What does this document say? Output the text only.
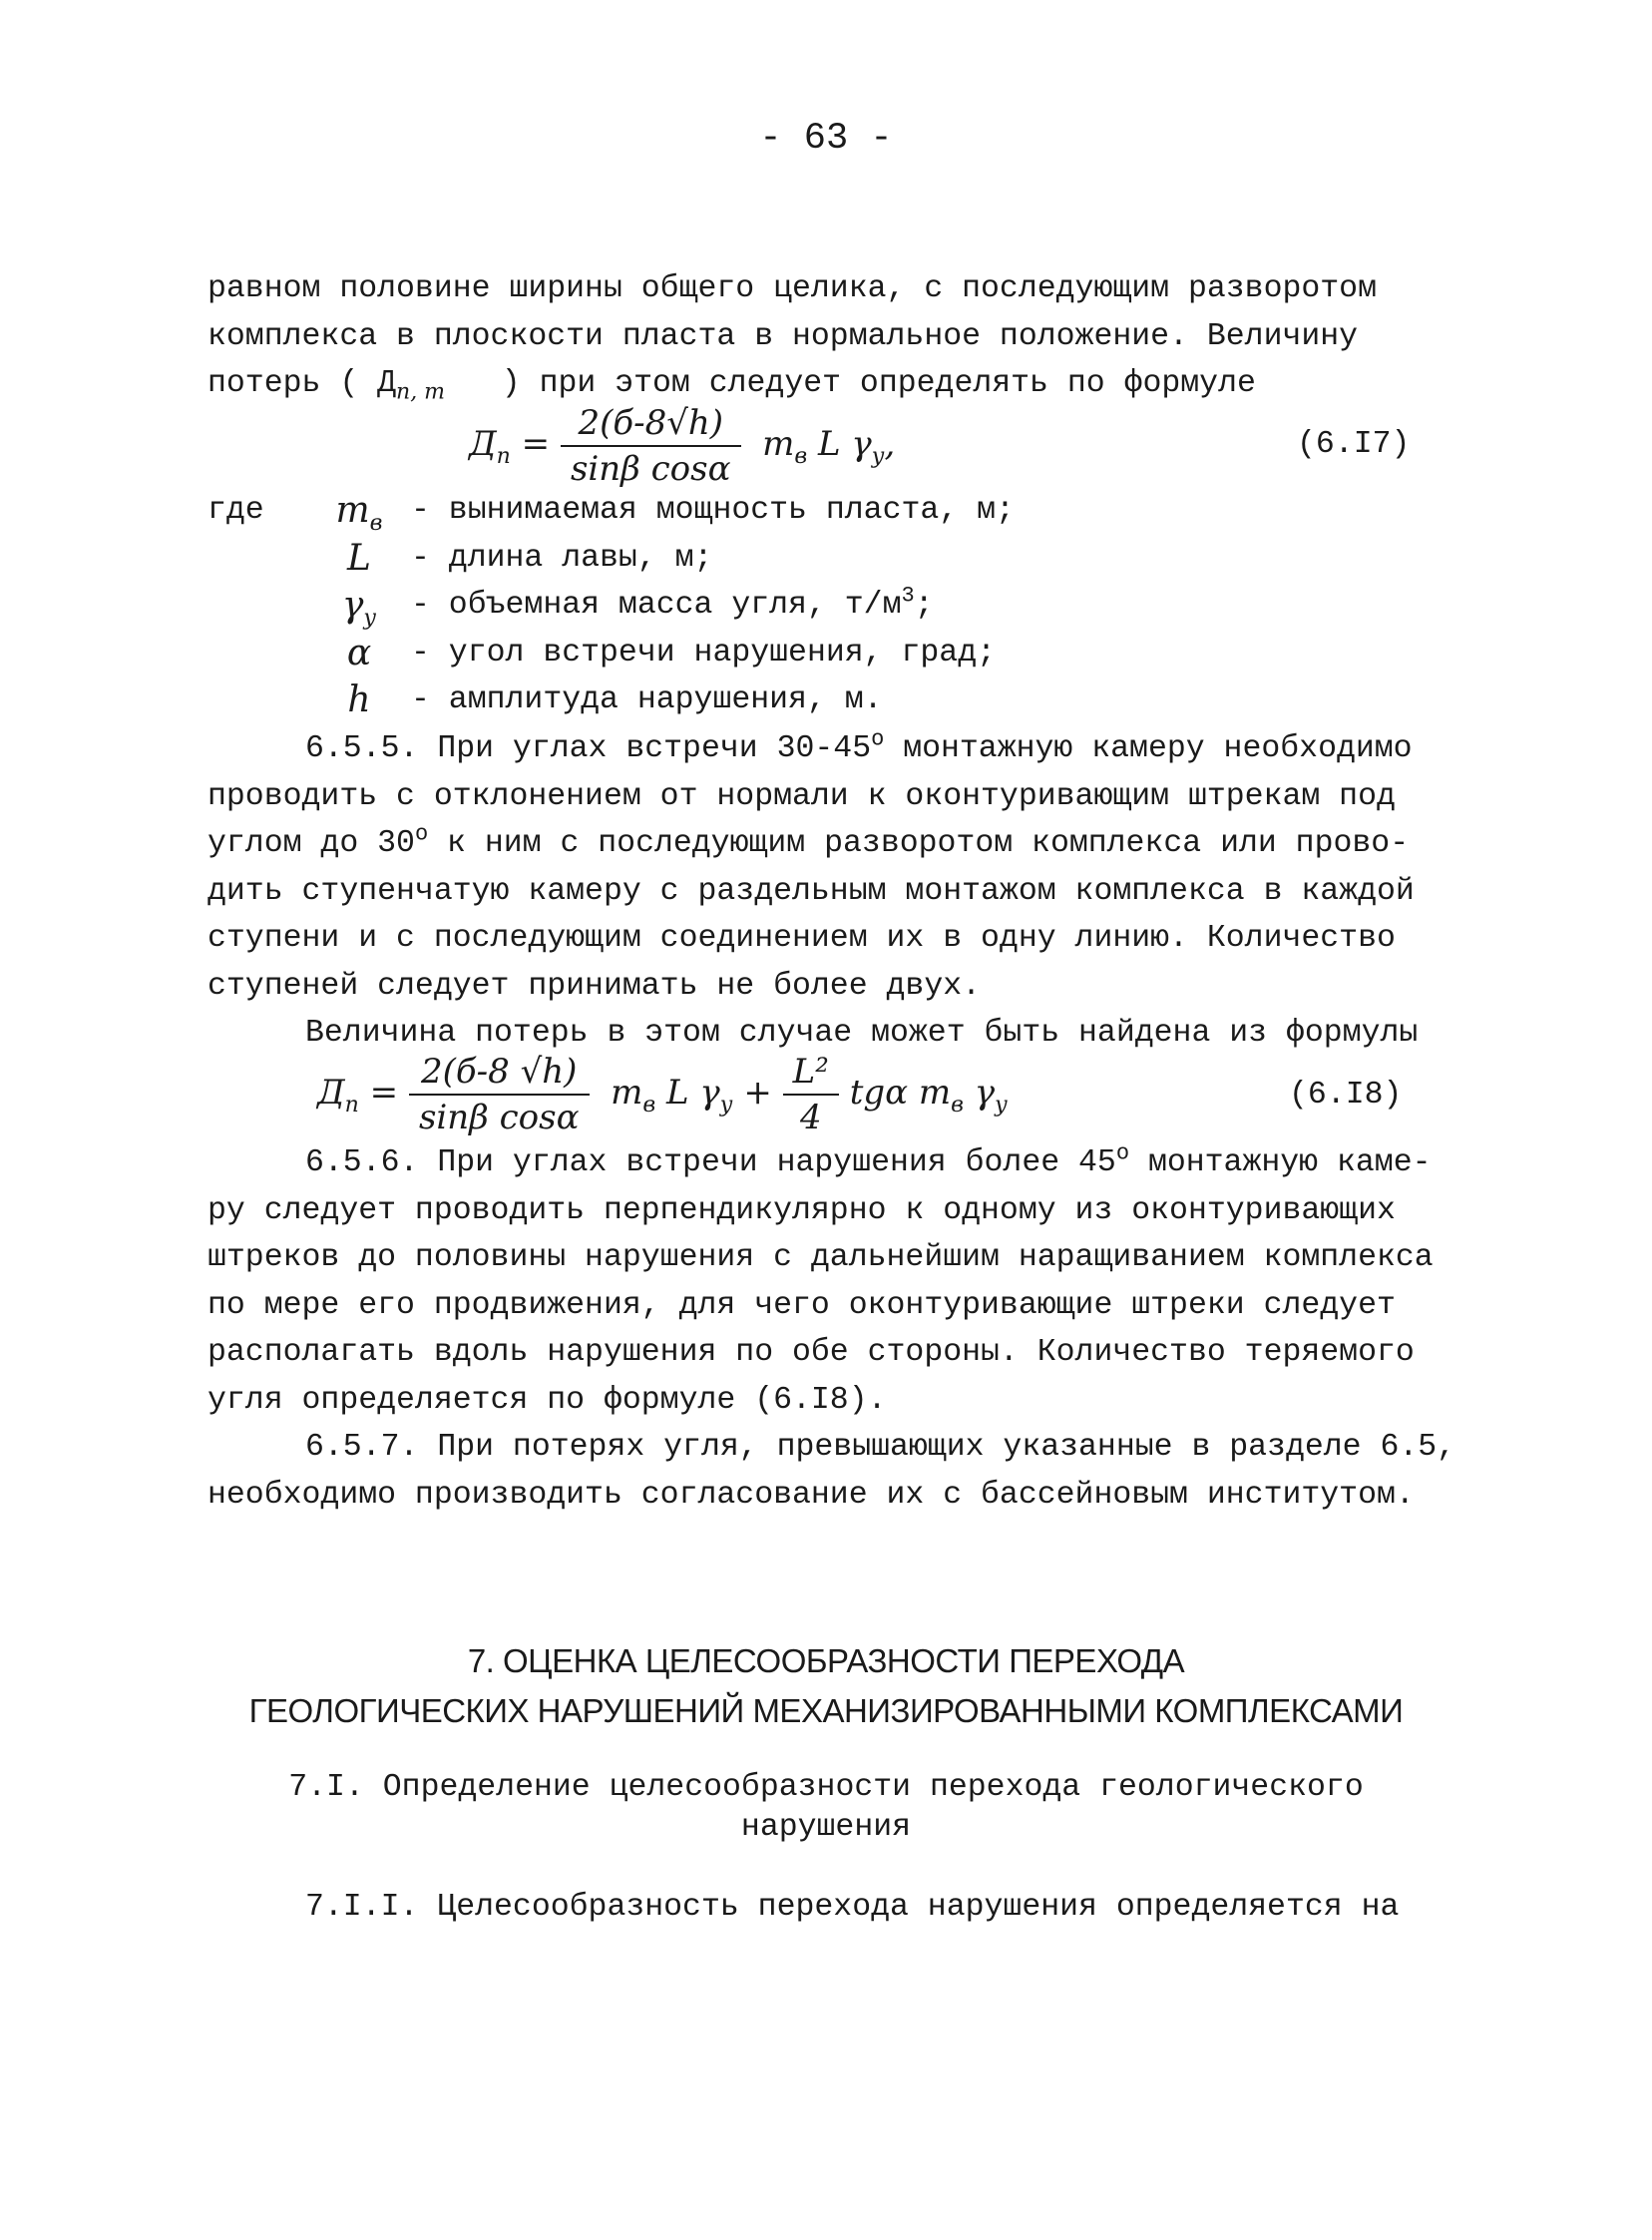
- 63 -
равном половине ширины общего целика, с последующим разворотом
комплекса в плоскости пласта в нормальное положение. Величину
потерь ( $Д_{п, т}$   ) при этом следует определять по формуле
$Д_п = \frac{2(б-8√h)}{\text{sinβ cosα}} m_в$ L $\gamma_у$,	(6.I7)
где	$m_в$ - вынимаемая мощность пласта, м;
L	- длина лавы, м;
$\gamma_у$	- объемная масса угля, $т/м^3$;
α	- угол встречи нарушения, град;
h	- амплитуда нарушения, м.
6.5.5. При углах встречи $30-45^о$ монтажную камеру необходимо
проводить с отклонением от нормали к оконтуривающим штрекам под
углом до $30^о$ к ним с последующим разворотом комплекса или прово-
дить ступенчатую камеру с раздельным монтажом комплекса в каждой
ступени и с последующим соединением их в одну линию. Количество
ступеней следует принимать не более двух.
Величина потерь в этом случае может быть найдена из формулы
$Д_п = \frac{2(б-8 √h)}{\text{sinβ cosα}} m_в$ L $\gamma_у + \frac{\text{L²}}{4}$ tgα $m_в$ $\gamma_у$	(6.I8)
6.5.6. При углах встречи нарушения более $45^о$ монтажную каме-
ру следует проводить перпендикулярно к одному из оконтуривающих
штреков до половины нарушения с дальнейшим наращиванием комплекса
по мере его продвижения, для чего оконтуривающие штреки следует
располагать вдоль нарушения по обе стороны. Количество теряемого
угля определяется по формуле (6.I8).
6.5.7. При потерях угля, превышающих указанные в разделе 6.5,
необходимо производить согласование их с бассейновым институтом.
7. ОЦЕНКА ЦЕЛЕСООБРАЗНОСТИ ПЕРЕХОДА
ГЕОЛОГИЧЕСКИХ НАРУШЕНИЙ МЕХАНИЗИРОВАННЫМИ КОМПЛЕКСАМИ
7.I. Определение целесообразности перехода геологического
нарушения
7.I.I. Целесообразность перехода нарушения определяется на
